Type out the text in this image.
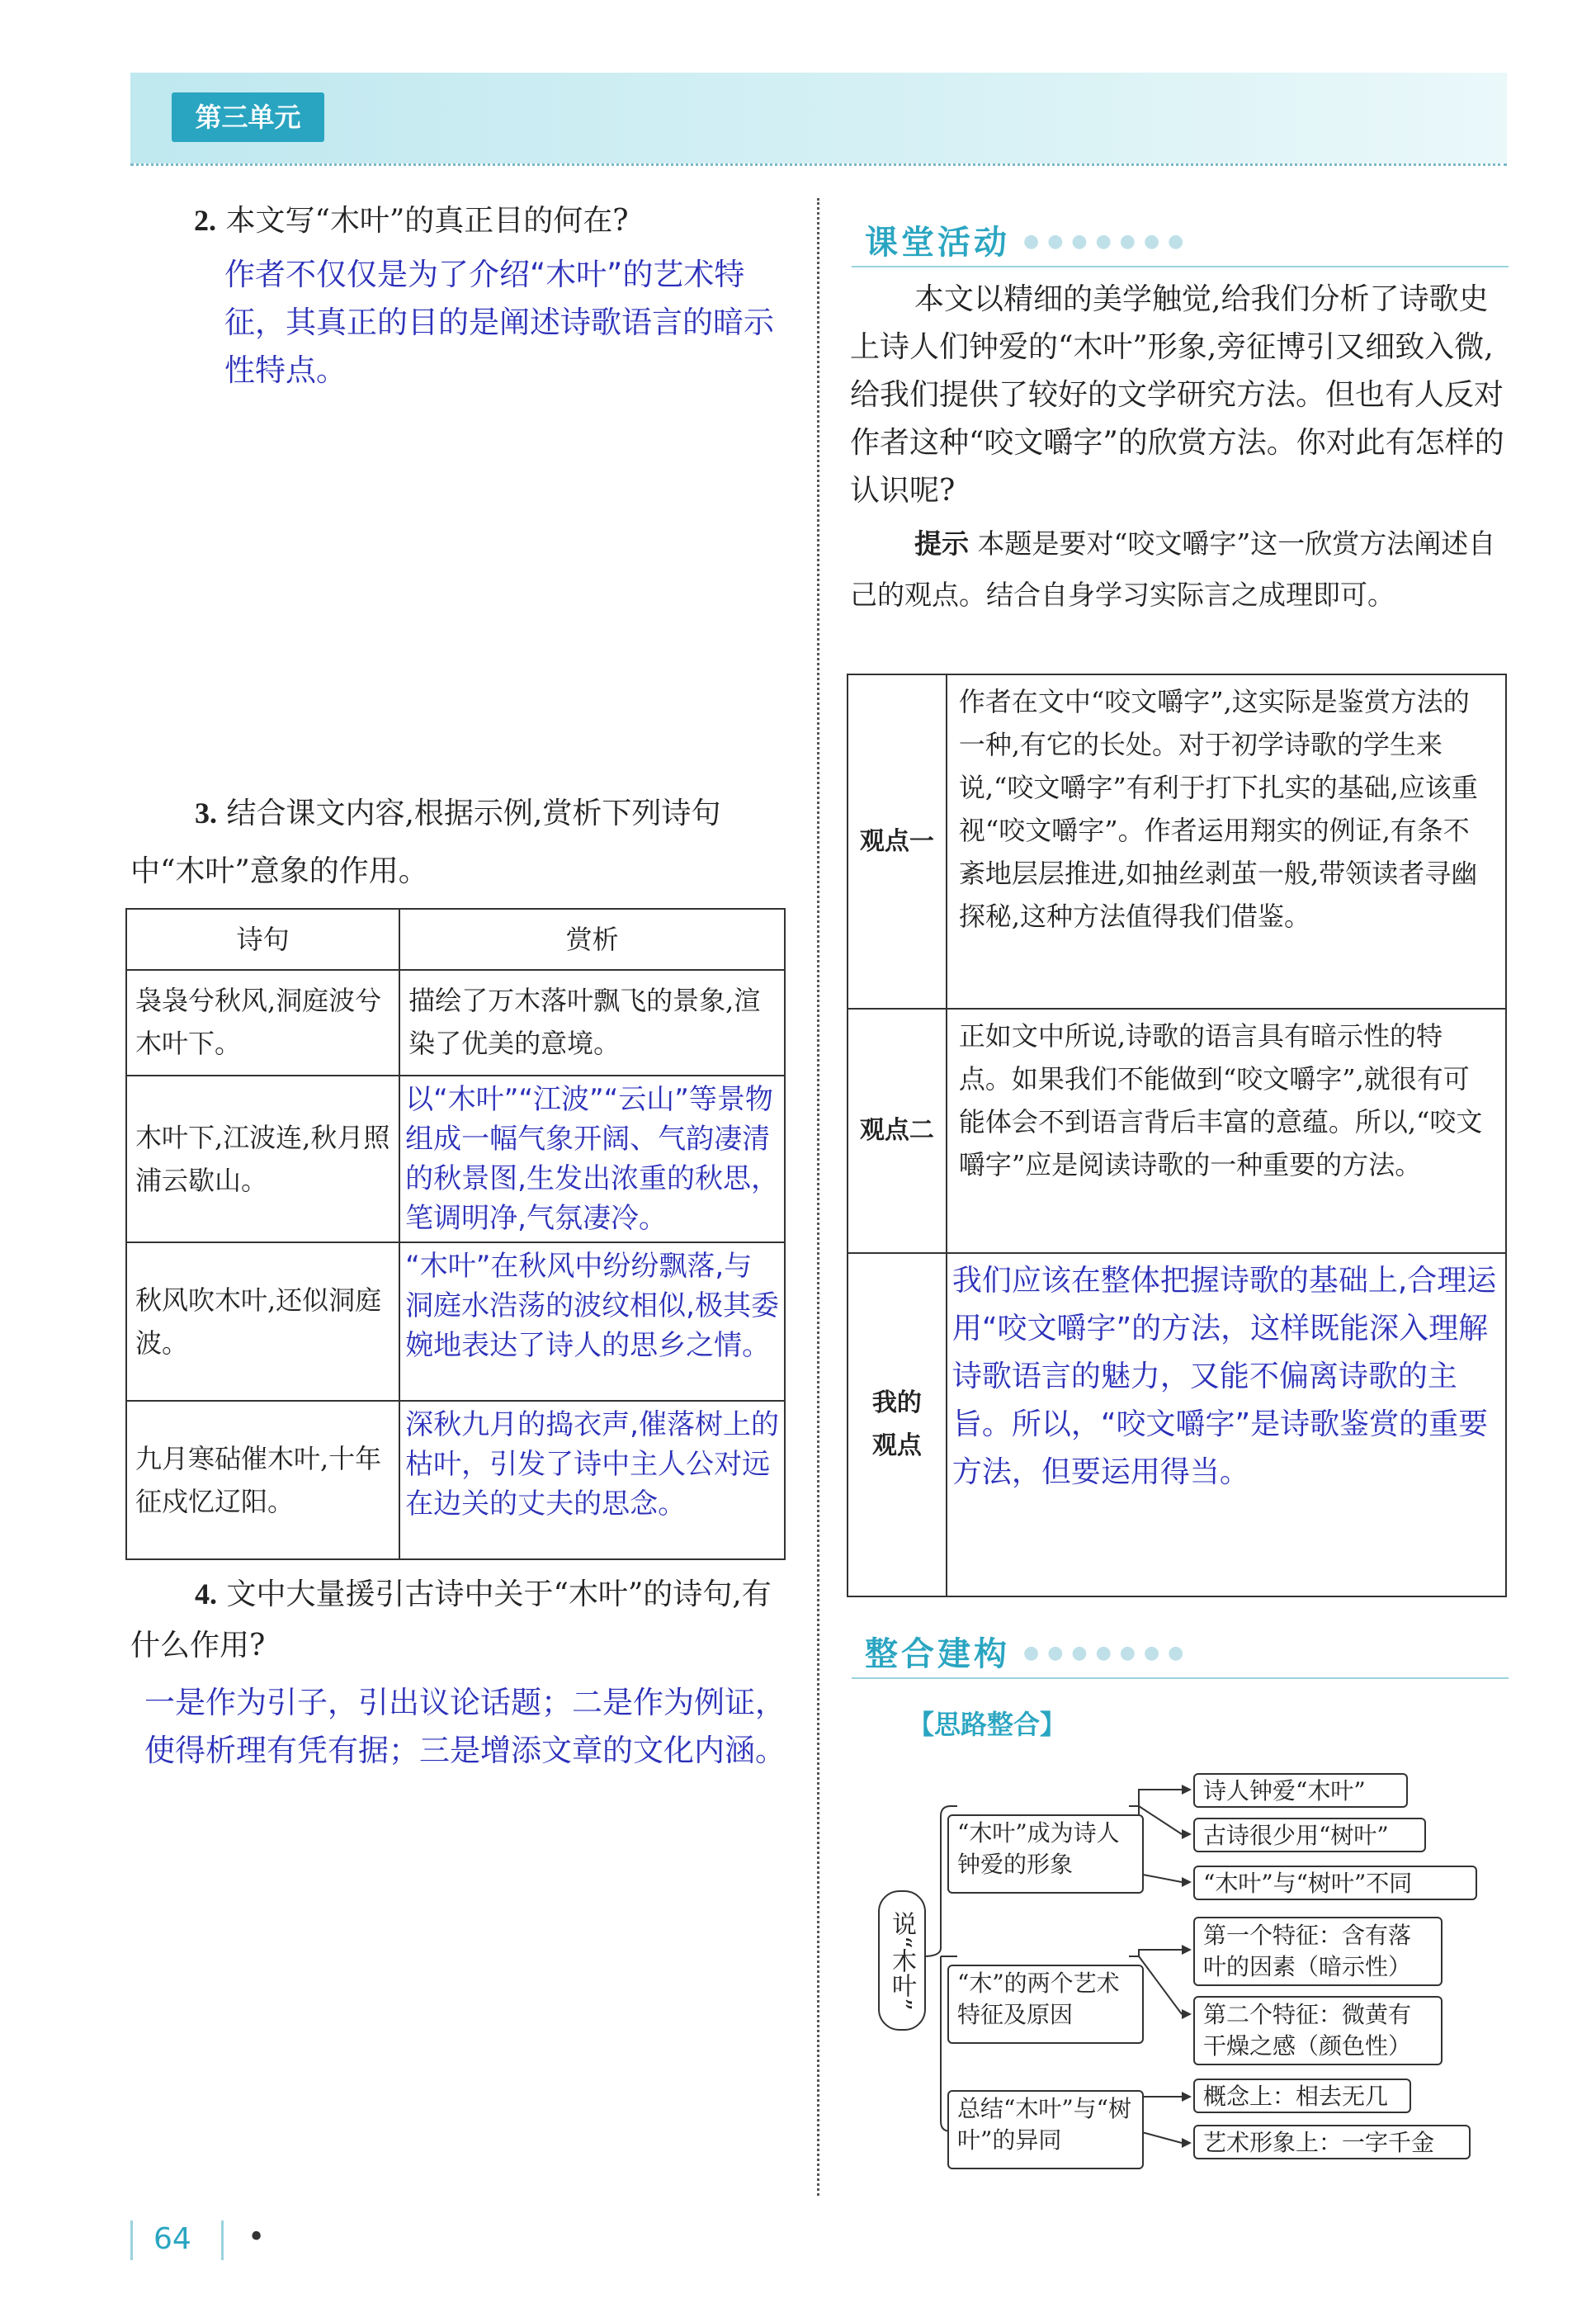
第三单元
2. 本文写“木叶”的真正目的何在?
作者不仅仅是为了介绍“木叶”的艺术特征，其真正的目的是阐述诗歌语言的暗示性特点。
3. 结合课文内容,根据示例,赏析下列诗句中“木叶”意象的作用。
诗句	赏析
袅袅兮秋风,洞庭波兮木叶下。	描绘了万木落叶飘飞的景象,渲染了优美的意境。
木叶下,江波连,秋月照浦云歇山。	以“木叶”“江波”“云山”等景物组成一幅气象开阔、气韵凄清的秋景图,生发出浓重的秋思，笔调明净,气氛凄冷。
秋风吹木叶,还似洞庭波。	“木叶”在秋风中纷纷飘落,与洞庭水浩荡的波纹相似,极其委婉地表达了诗人的思乡之情。
九月寒砧催木叶,十年征戍忆辽阳。	深秋九月的捣衣声,催落树上的枯叶，引发了诗中主人公对远在边关的丈夫的思念。
4. 文中大量援引古诗中关于“木叶”的诗句,有什么作用?
一是作为引子，引出议论话题；二是作为例证，使得析理有凭有据；三是增添文章的文化内涵。
课堂活动 ●●●●●●●
本文以精细的美学触觉,给我们分析了诗歌史上诗人们钟爱的“木叶”形象,旁征博引又细致入微,给我们提供了较好的文学研究方法。但也有人反对作者这种“咬文嚼字”的欣赏方法。你对此有怎样的认识呢?
提示 本题是要对“咬文嚼字”这一欣赏方法阐述自己的观点。结合自身学习实际言之成理即可。
观点一	作者在文中“咬文嚼字”,这实际是鉴赏方法的一种,有它的长处。对于初学诗歌的学生来说,“咬文嚼字”有利于打下扎实的基础,应该重视“咬文嚼字”。作者运用翔实的例证,有条不紊地层层推进,如抽丝剥茧一般,带领读者寻幽探秘,这种方法值得我们借鉴。
观点二	正如文中所说,诗歌的语言具有暗示性的特点。如果我们不能做到“咬文嚼字”,就很有可能体会不到语言背后丰富的意蕴。所以,“咬文嚼字”应是阅读诗歌的一种重要的方法。
我的观点	我们应该在整体把握诗歌的基础上,合理运用“咬文嚼字”的方法，这样既能深入理解诗歌语言的魅力，又能不偏离诗歌的主旨。所以，“咬文嚼字”是诗歌鉴赏的重要方法，但要运用得当。
整合建构 ●●●●●●●
【思路整合】
说“木叶”
“木叶”成为诗人钟爱的形象
“木”的两个艺术特征及原因
总结“木叶”与“树叶”的异同
诗人钟爱“木叶”
古诗很少用“树叶”
“木叶”与“树叶”不同
第一个特征：含有落叶的因素（暗示性）
第二个特征：微黄有干燥之感（颜色性）
概念上：相去无几
艺术形象上：一字千金
64 •
